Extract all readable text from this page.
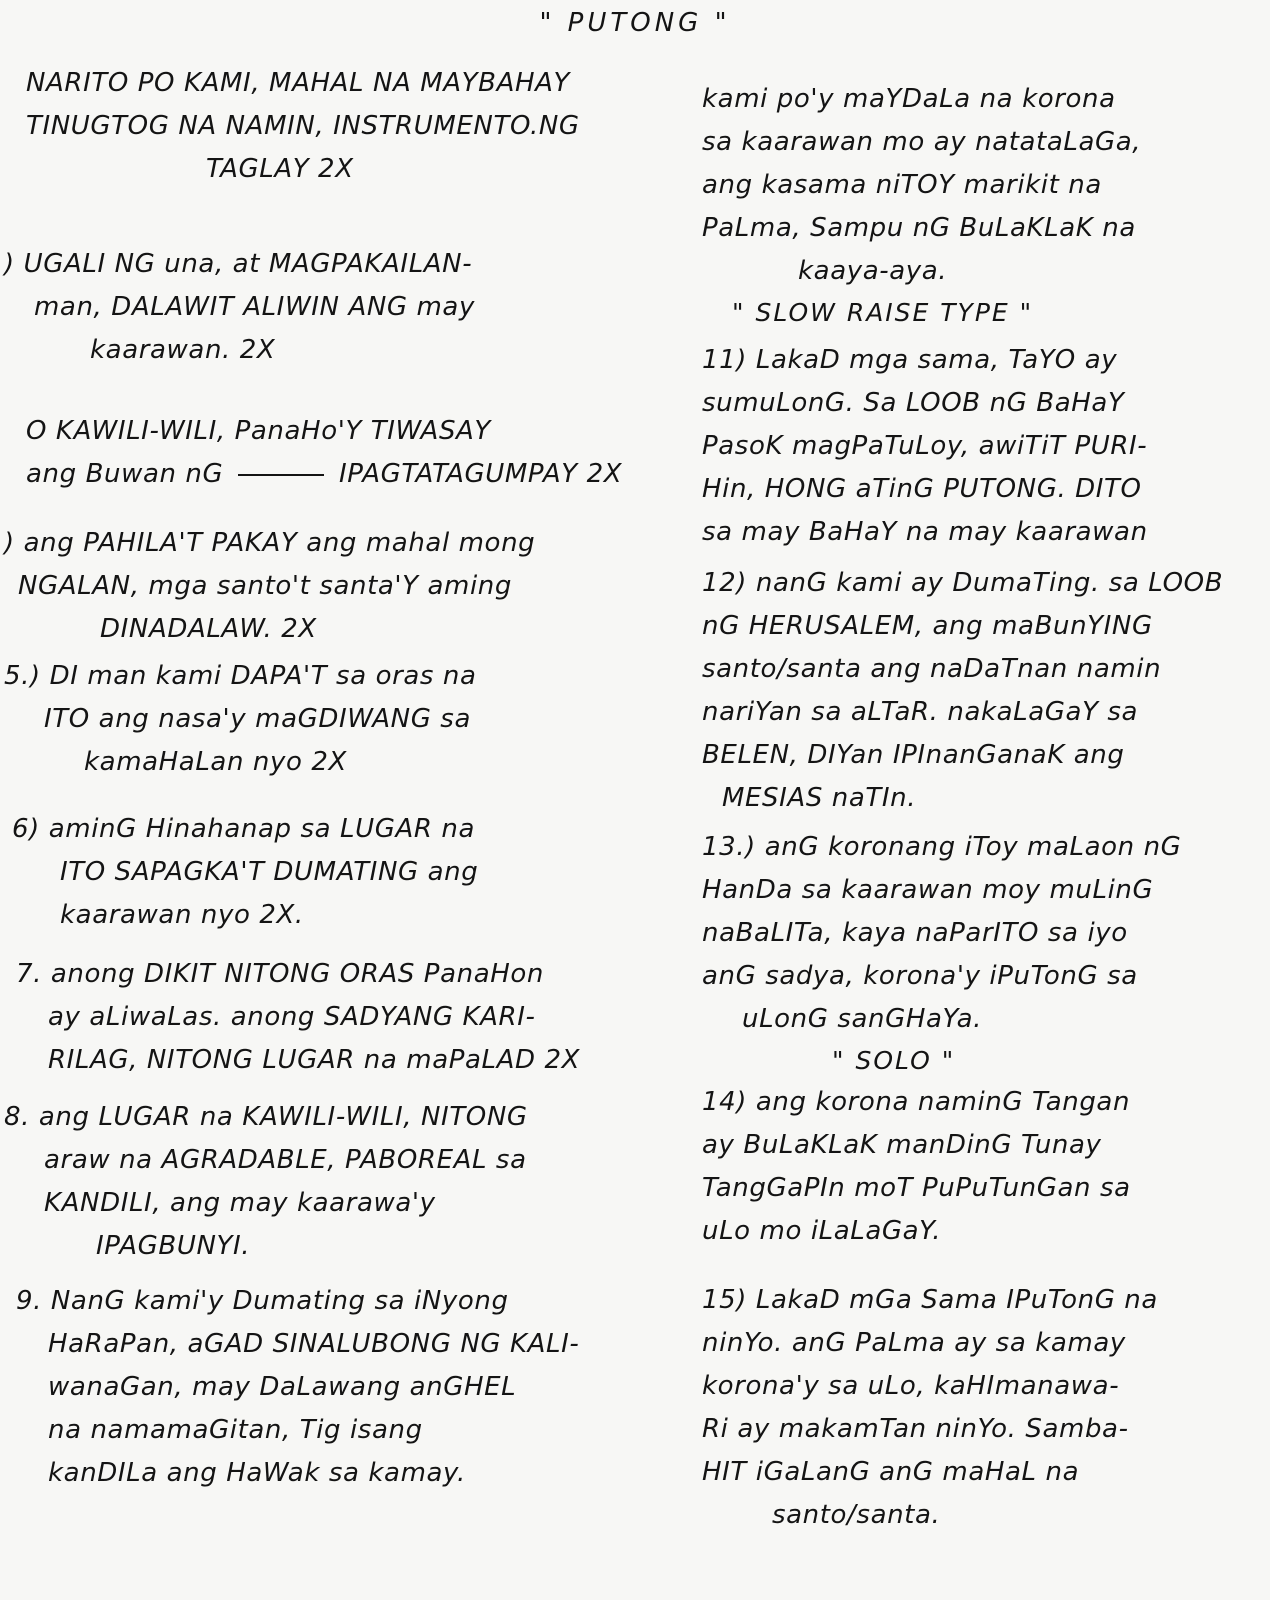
" PUTONG "
NARITO PO KAMI, MAHAL NA MAYBAHAY
TINUGTOG NA NAMIN, INSTRUMENTO.NG
TAGLAY 2X
) UGALI NG una, at MAGPAKAILAN-
man, DALAWIT ALIWIN ANG may
kaarawan. 2X
O KAWILI-WILI, PanaHo'Y TIWASAY
ang Buwan nG	IPAGTATAGUMPAY 2X
) ang PAHILA'T PAKAY ang mahal mong
NGALAN, mga santo't santa'Y aming
DINADALAW. 2X
5.) DI man kami DAPA'T sa oras na
ITO ang nasa'y maGDIWANG sa
kamaHaLan nyo 2X
6) aminG Hinahanap sa LUGAR na
ITO SAPAGKA'T DUMATING ang
kaarawan nyo 2X.
7. anong DIKIT NITONG ORAS PanaHon
ay aLiwaLas. anong SADYANG KARI-
RILAG, NITONG LUGAR na maPaLAD 2X
8. ang LUGAR na KAWILI-WILI, NITONG
araw na AGRADABLE, PABOREAL sa
KANDILI, ang may kaarawa'y
IPAGBUNYI.
9. NanG kami'y Dumating sa iNyong
HaRaPan, aGAD SINALUBONG NG KALI-
wanaGan, may DaLawang anGHEL
na namamaGitan, Tig isang
kanDILa ang HaWak sa kamay.
kami po'y maYDaLa na korona
sa kaarawan mo ay natataLaGa,
ang kasama niTOY marikit na
PaLma, Sampu nG BuLaKLaK na
kaaya-aya.
" SLOW RAISE TYPE "
11) LakaD mga sama, TaYO ay
sumuLonG. Sa LOOB nG BaHaY
PasoK magPaTuLoy, awiTiT PURI-
Hin, HONG aTinG PUTONG. DITO
sa may BaHaY na may kaarawan
12) nanG kami ay DumaTing. sa LOOB
nG HERUSALEM, ang maBunYING
santo/santa ang naDaTnan namin
nariYan sa aLTaR. nakaLaGaY sa
BELEN, DIYan IPInanGanaK ang
MESIAS naTIn.
13.) anG koronang iToy maLaon nG
HanDa sa kaarawan moy muLinG
naBaLITa, kaya naParITO sa iyo
anG sadya, korona'y iPuTonG sa
uLonG sanGHaYa.
" SOLO "
14) ang korona naminG Tangan
ay BuLaKLaK manDinG Tunay
TangGaPIn moT PuPuTunGan sa
uLo mo iLaLaGaY.
15) LakaD mGa Sama IPuTonG na
ninYo. anG PaLma ay sa kamay
korona'y sa uLo, kaHImanawa-
Ri ay makamTan ninYo. Samba-
HIT iGaLanG anG maHaL na
santo/santa.
